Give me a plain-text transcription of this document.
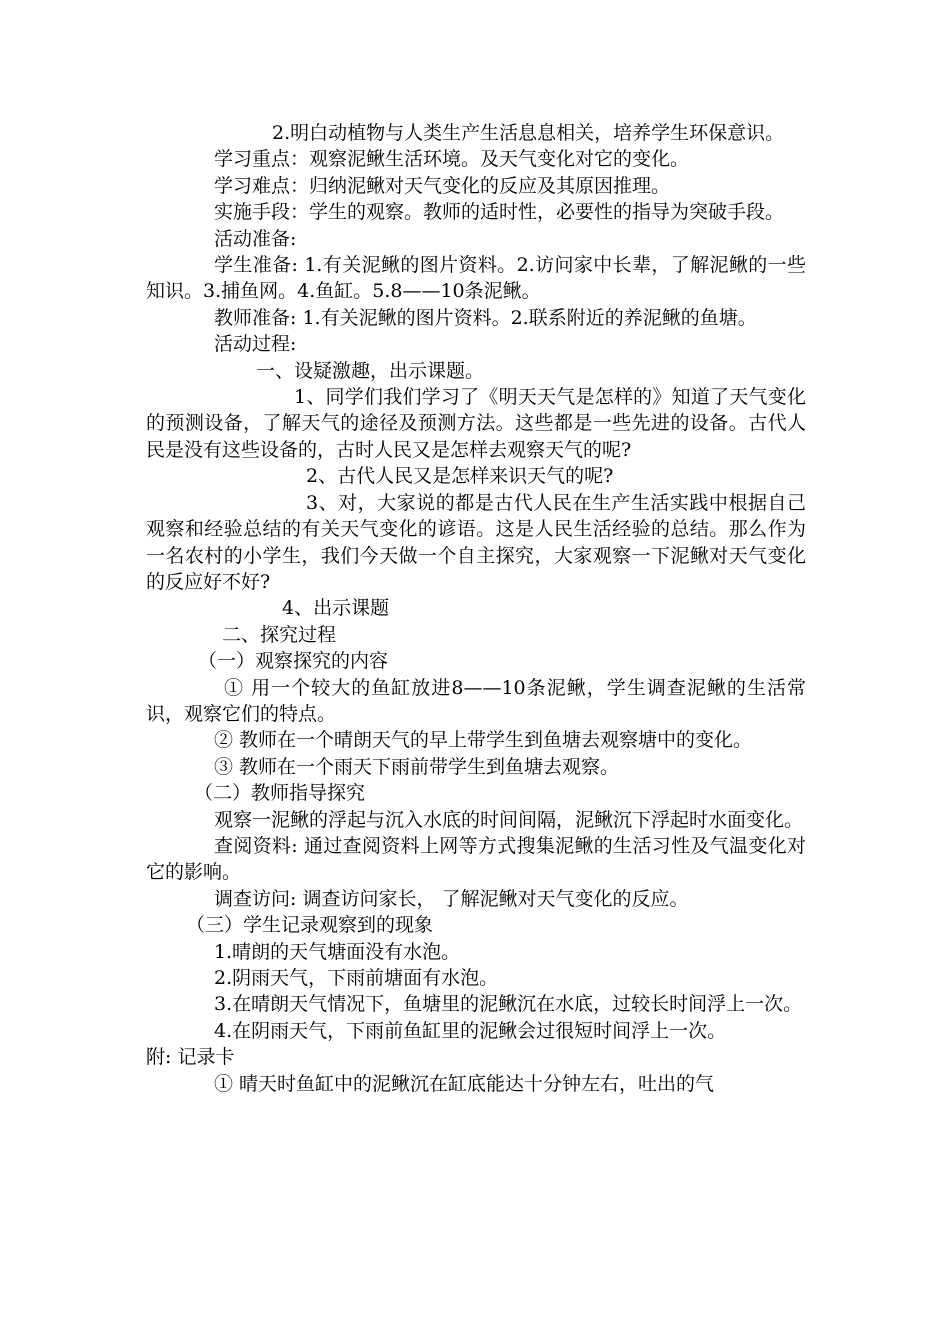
2.明白动植物与人类生产生活息息相关，培养学生环保意识。

学习重点：观察泥鳅生活环境。及天气变化对它的变化。

学习难点：归纳泥鳅对天气变化的反应及其原因推理。

实施手段：学生的观察。教师的适时性，必要性的指导为突破手段。

活动准备:

学生准备: 1.有关泥鳅的图片资料。2.访问家中长辈，了解泥鳅的一些知识。3.捕鱼网。4.鱼缸。5.8——10条泥鳅。

教师准备: 1.有关泥鳅的图片资料。2.联系附近的养泥鳅的鱼塘。

活动过程:

一、设疑激趣，出示课题。

1、同学们我们学习了《明天天气是怎样的》知道了天气变化的预测设备，了解天气的途径及预测方法。这些都是一些先进的设备。古代人民是没有这些设备的，古时人民又是怎样去观察天气的呢?

2、古代人民又是怎样来识天气的呢?

3、对，大家说的都是古代人民在生产生活实践中根据自己观察和经验总结的有关天气变化的谚语。这是人民生活经验的总结。那么作为一名农村的小学生，我们今天做一个自主探究，大家观察一下泥鳅对天气变化的反应好不好?

4、出示课题

二、探究过程

（一）观察探究的内容

① 用一个较大的鱼缸放进8——10条泥鳅，学生调查泥鳅的生活常识，观察它们的特点。

② 教师在一个晴朗天气的早上带学生到鱼塘去观察塘中的变化。

③ 教师在一个雨天下雨前带学生到鱼塘去观察。

（二）教师指导探究

观察一泥鳅的浮起与沉入水底的时间间隔，泥鳅沉下浮起时水面变化。

查阅资料: 通过查阅资料上网等方式搜集泥鳅的生活习性及气温变化对它的影响。

调查访问: 调查访问家长， 了解泥鳅对天气变化的反应。

（三）学生记录观察到的现象

1.晴朗的天气塘面没有水泡。

2.阴雨天气，下雨前塘面有水泡。

3.在晴朗天气情况下，鱼塘里的泥鳅沉在水底，过较长时间浮上一次。

4.在阴雨天气，下雨前鱼缸里的泥鳅会过很短时间浮上一次。

附: 记录卡

① 晴天时鱼缸中的泥鳅沉在缸底能达十分钟左右，吐出的气
